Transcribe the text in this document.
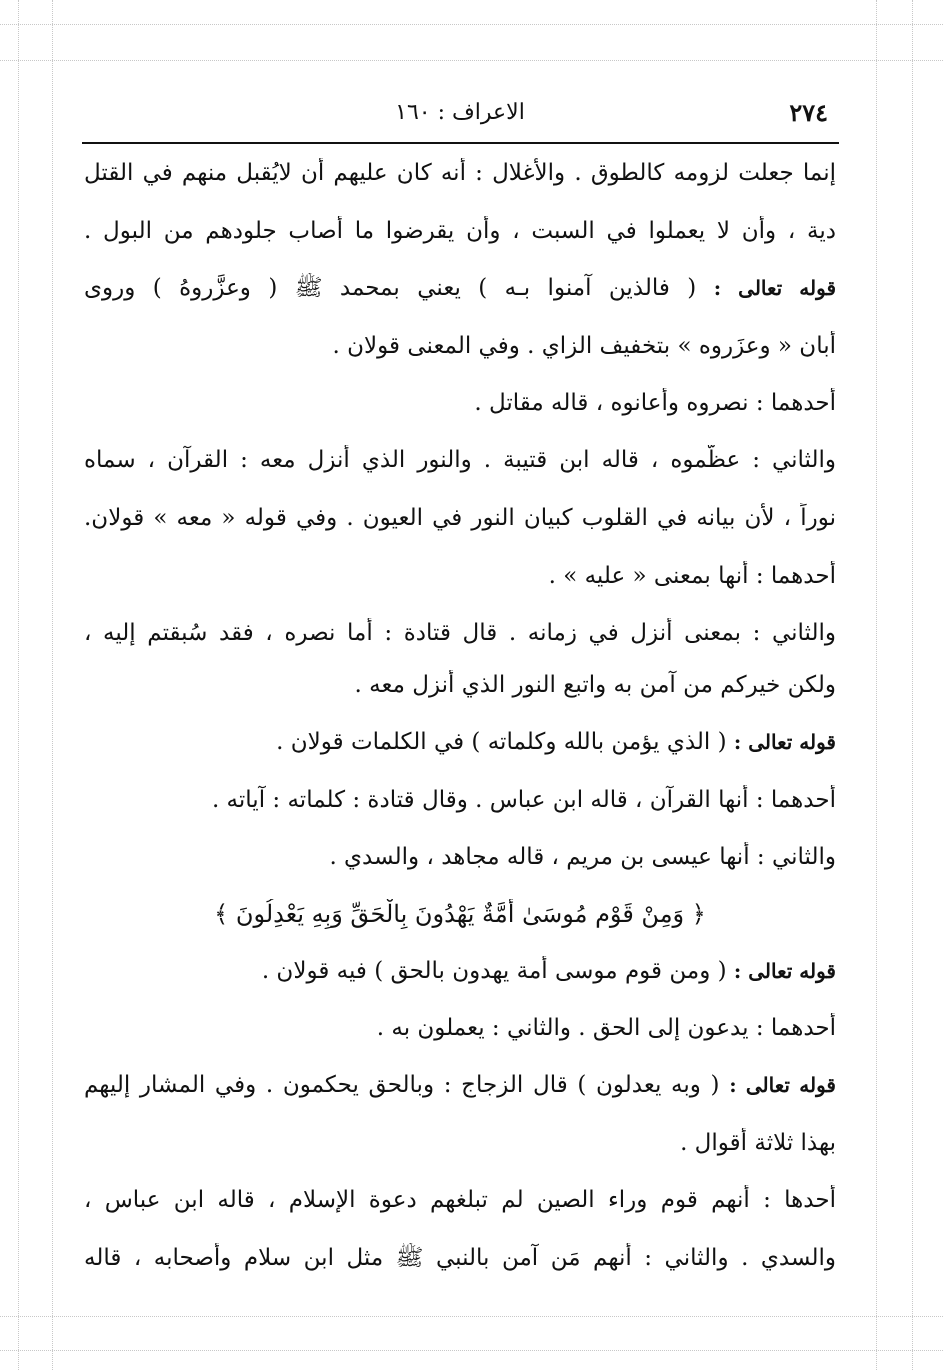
٢٧٤
الاعراف : ١٦٠
إنما جعلت لزومه كالطوق . والأغلال : أنه كان عليهم أن لايُقبل منهم في القتل
دية ، وأن لا يعملوا في السبت ، وأن يقرضوا ما أصاب جلودهم من البول .
قوله تعالى : ( فالذين آمنوا بـه ) يعني بمحمد ﷺ ( وعزَّروهُ ) وروى
أبان « وعزَروه » بتخفيف الزاي . وفي المعنى قولان .
أحدهما : نصروه وأعانوه ، قاله مقاتل .
والثاني : عظَّموه ، قاله ابن قتيبة . والنور الذي أُنزل معه : القرآن ، سماه
نوراً ، لأن بيانه في القلوب كبيان النور في العيون . وفي قوله « معه » قولان.
أحدهما : أنها بمعنى « عليه » .
والثاني : بمعنى أُنزل في زمانه . قال قتادة : أما نصره ، فقد سُبقتم إليه ،
ولكن خيركم من آمن به واتبع النور الذي أُنزل معه .
قوله تعالى : ( الذي يؤمن بالله وكلماته ) في الكلمات قولان .
أحدهما : أنها القرآن ، قاله ابن عباس . وقال قتادة : كلماته : آياته .
والثاني : أنها عيسى بن مريم ، قاله مجاهد ، والسدي .
﴿ وَمِنْ قَوْمِ مُوسَىٰ أُمَّةٌ يَهْدُونَ بِالْحَقِّ وَبِهِ يَعْدِلُونَ ﴾
قوله تعالى : ( ومن قوم موسى أمة يهدون بالحق ) فيه قولان .
أحدهما : يدعون إلى الحق . والثاني : يعملون به .
قوله تعالى : ( وبه يعدلون ) قال الزجاج : وبالحق يحكمون . وفي المشار إليهم
بهذا ثلاثة أقوال .
أحدها : أنهم قوم وراء الصين لم تبلغهم دعوة الإسلام ، قاله ابن عباس ،
والسدي . والثاني : أنهم مَن آمن بالنبي ﷺ مثل ابن سلام وأصحابه ، قاله
